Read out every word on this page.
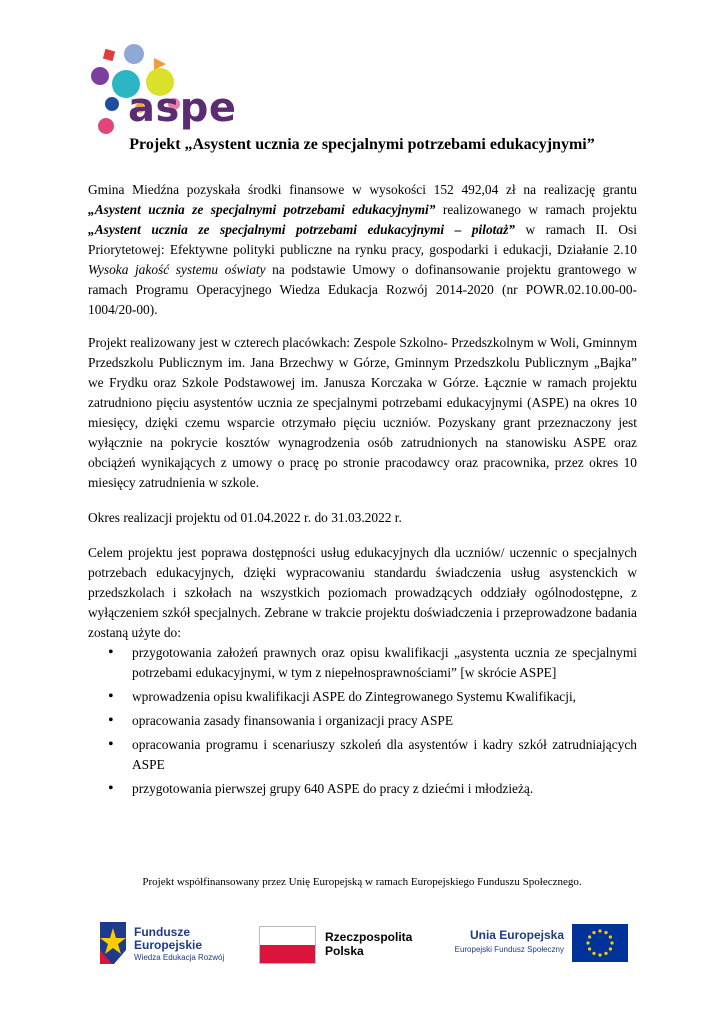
aspe
Projekt „Asystent ucznia ze specjalnymi potrzebami edukacyjnymi”

Gmina Miedźna pozyskała środki finansowe w wysokości 152 492,04 zł na realizację grantu „Asystent ucznia ze specjalnymi potrzebami edukacyjnymi” realizowanego w ramach projektu „Asystent ucznia ze specjalnymi potrzebami edukacyjnymi – pilotaż” w ramach II. Osi Priorytetowej: Efektywne polityki publiczne na rynku pracy, gospodarki i edukacji, Działanie 2.10 Wysoka jakość systemu oświaty na podstawie Umowy o dofinansowanie projektu grantowego w ramach Programu Operacyjnego Wiedza Edukacja Rozwój 2014-2020 (nr POWR.02.10.00-00-1004/20-00).

Projekt realizowany jest w czterech placówkach: Zespole Szkolno- Przedszkolnym w Woli, Gminnym Przedszkolu Publicznym im. Jana Brzechwy w Górze, Gminnym Przedszkolu Publicznym „Bajka” we Frydku oraz Szkole Podstawowej im. Janusza Korczaka w Górze. Łącznie w ramach projektu zatrudniono pięciu asystentów ucznia ze specjalnymi potrzebami edukacyjnymi (ASPE) na okres 10 miesięcy, dzięki czemu wsparcie otrzymało pięciu uczniów. Pozyskany grant przeznaczony jest wyłącznie na pokrycie kosztów wynagrodzenia osób zatrudnionych na stanowisku ASPE oraz obciążeń wynikających z umowy o pracę po stronie pracodawcy oraz pracownika, przez okres 10 miesięcy zatrudnienia w szkole.

Okres realizacji projektu od 01.04.2022 r. do 31.03.2022 r.

Celem projektu jest poprawa dostępności usług edukacyjnych dla uczniów/ uczennic o specjalnych potrzebach edukacyjnych, dzięki wypracowaniu standardu świadczenia usług asystenckich w przedszkolach i szkołach na wszystkich poziomach prowadzących oddziały ogólnodostępne, z wyłączeniem szkół specjalnych. Zebrane w trakcie projektu doświadczenia i przeprowadzone badania zostaną użyte do:

• przygotowania założeń prawnych oraz opisu kwalifikacji „asystenta ucznia ze specjalnymi potrzebami edukacyjnymi, w tym z niepełnosprawnościami” [w skrócie ASPE]
• wprowadzenia opisu kwalifikacji ASPE do Zintegrowanego Systemu Kwalifikacji,
• opracowania zasady finansowania i organizacji pracy ASPE
• opracowania programu i scenariuszy szkoleń dla asystentów i kadry szkół zatrudniających ASPE
• przygotowania pierwszej grupy 640 ASPE do pracy z dziećmi i młodzieżą.
Projekt współfinansowany przez Unię Europejską w ramach Europejskiego Funduszu Społecznego.
Fundusze
Europejskie
Wiedza Edukacja Rozwój
Rzeczpospolita
Polska
Unia Europejska
Europejski Fundusz Społeczny
